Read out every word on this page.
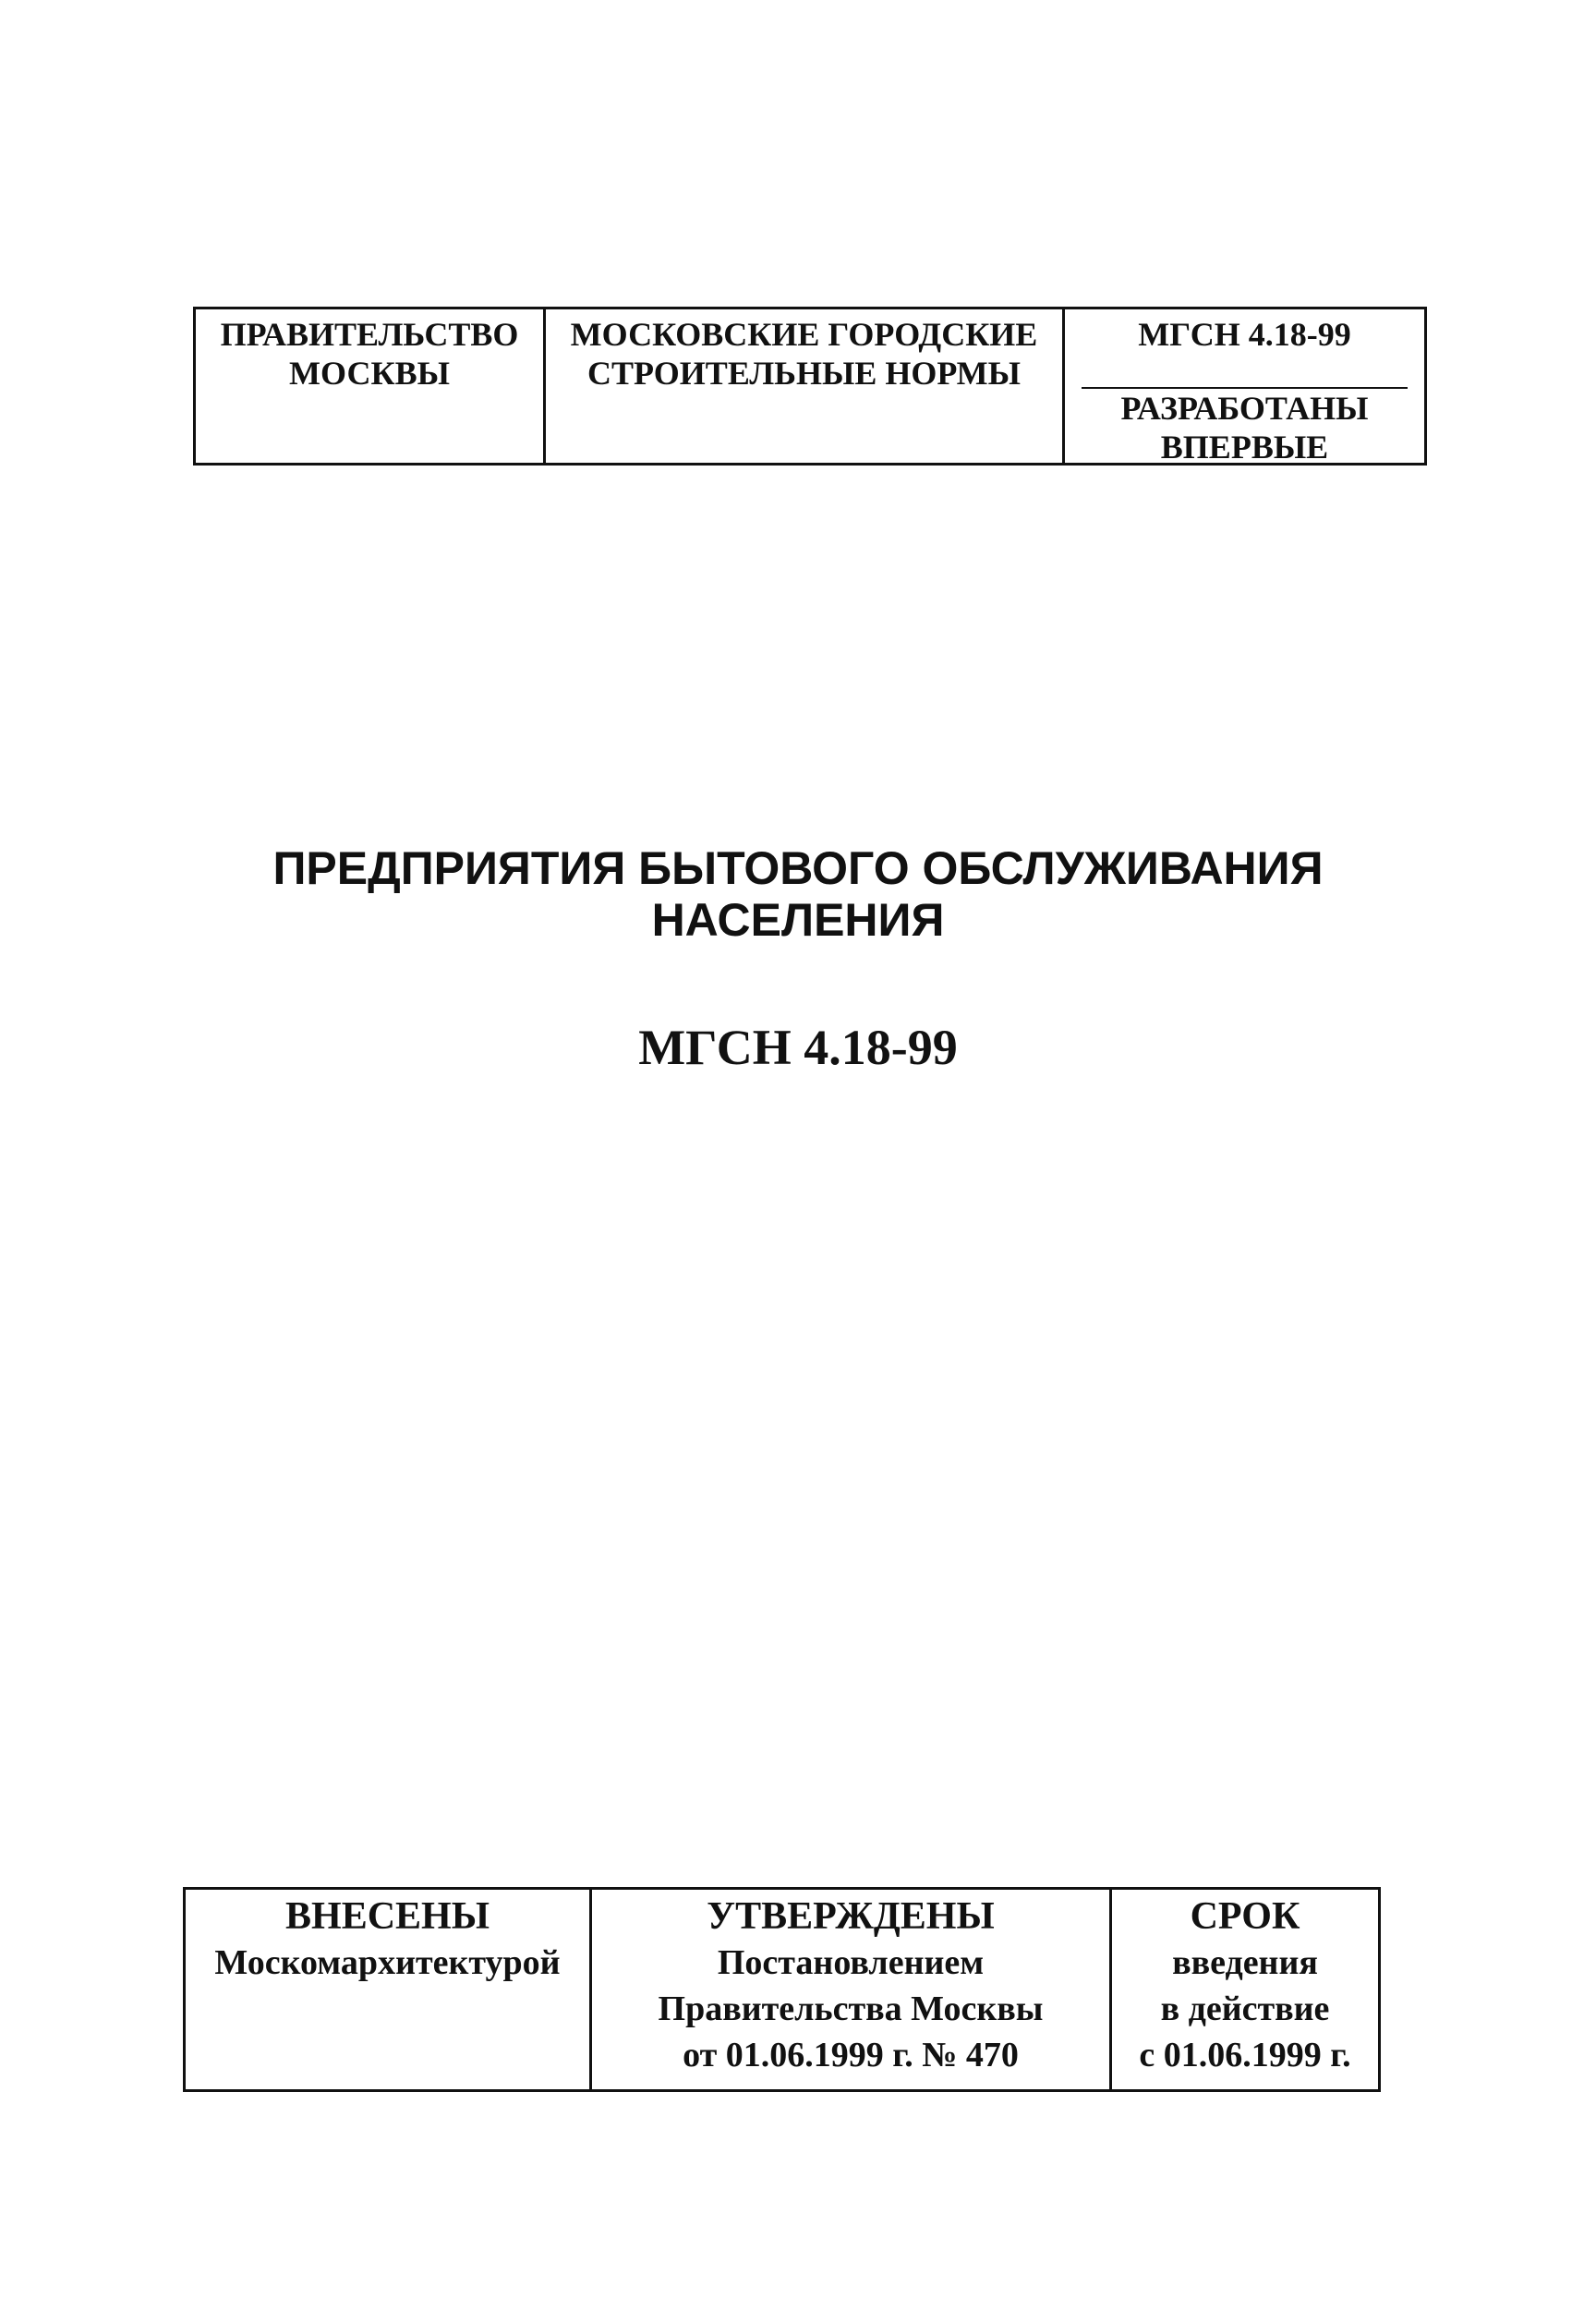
ПРАВИТЕЛЬСТВО
МОСКВЫ
МОСКОВСКИЕ ГОРОДСКИЕ
СТРОИТЕЛЬНЫЕ НОРМЫ
МГСН 4.18-99
РАЗРАБОТАНЫ
ВПЕРВЫЕ
ПРЕДПРИЯТИЯ БЫТОВОГО ОБСЛУЖИВАНИЯ
НАСЕЛЕНИЯ
МГСН 4.18-99
ВНЕСЕНЫ
Москомархитектурой
УТВЕРЖДЕНЫ
Постановлением
Правительства Москвы
от 01.06.1999 г. № 470
СРОК
введения
в действие
с 01.06.1999 г.
